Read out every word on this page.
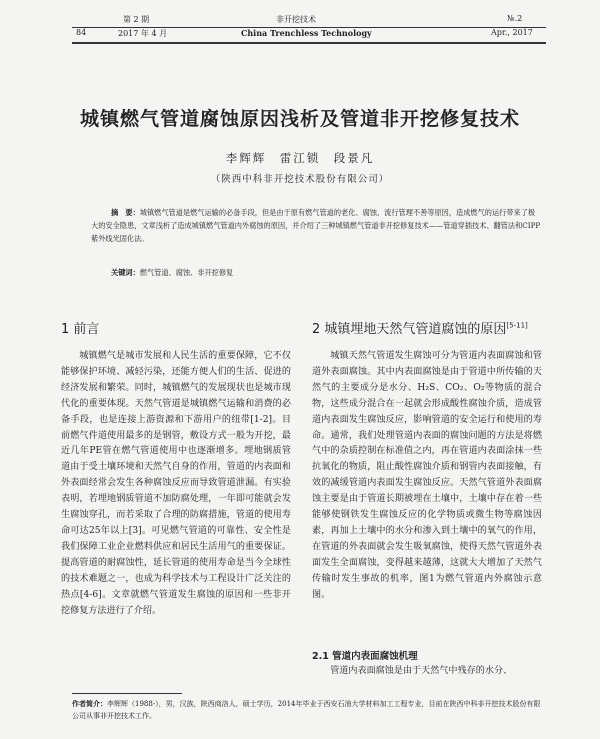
第 2 期	非开挖技术	№.2
84	2017 年 4 月	China Trenchless Technology	Apr., 2017
城镇燃气管道腐蚀原因浅析及管道非开挖修复技术
李辉辉　雷江锁　段景凡
（陕西中科非开挖技术股份有限公司）
摘　要：城镇燃气管道是燃气运输的必备手段，但是由于原有燃气管道的老化、腐蚀、流行管理不善等原因，造成燃气的运行带来了极大的安全隐患，文章浅析了造成城镇燃气管道内外腐蚀的原因，并介绍了三种城镇燃气管道非开挖修复技术——管道穿插技术、翻管法和CIPP紫外线光固化法。
关键词：燃气管道、腐蚀、非开挖修复
1 前言

城镇燃气是城市发展和人民生活的重要保障，它不仅能够保护环境、减轻污染，还能方便人们的生活、促进的经济发展和繁荣。同时，城镇燃气的发展现状也是城市现代化的重要体现。天然气管道是城镇燃气运输和消费的必备手段，也是连接上游资源和下游用户的纽带[1-2]。目前燃气件道使用最多的是钢管，敷设方式一般为开挖，最近几年PE管在燃气管道使用中也逐渐增多。埋地钢质管道由于受土壤环境和天然气自身的作用，管道的内表面和外表面经常会发生各种腐蚀反应而导致管道泄漏。有实验表明，若埋地钢质管道不加防腐处理，一年即可能就会发生腐蚀穿孔，而若采取了合理的防腐措施，管道的使用寿命可达25年以上[3]。可见燃气管道的可靠性、安全性是我们保障工业企业燃料供应和居民生活用气的重要保证。提高管道的耐腐蚀性，延长管道的使用寿命是当今全球性的技术难题之一，也成为科学技术与工程设计广泛关注的热点[4-6]。文章就燃气管道发生腐蚀的原因和一些非开挖修复方法进行了介绍。

2 城镇埋地天然气管道腐蚀的原因[5-11]

城镇天然气管道发生腐蚀可分为管道内表面腐蚀和管道外表面腐蚀。其中内表面腐蚀是由于管道中所传输的天然气的主要成分是水分、H₂S、CO₂、O₂等物质的混合物，这些成分混合在一起就会形成酸性腐蚀介质，造成管道内表面发生腐蚀反应，影响管道的安全运行和使用的寿命。通常，我们处理管道内表面的腐蚀问题的方法是将燃气中的杂质控制在标准值之内，再在管道内表面涂抹一些抗氧化的物质，阻止酸性腐蚀介质和钢管内表面接触，有效的减缓管道内表面发生腐蚀反应。天然气管道外表面腐蚀主要是由于管道长期被埋在土壤中，土壤中存在着一些能够使钢铁发生腐蚀反应的化学物质或微生物等腐蚀因素，再加上土壤中的水分和渗入到土壤中的氧气的作用，在管道的外表面就会发生吸氧腐蚀，使得天然气管道外表面发生全面腐蚀，变得越来越薄，这就大大增加了天然气传输时发生事故的机率，图1为燃气管道内外腐蚀示意图。

2.1 管道内表面腐蚀机理

管道内表面腐蚀是由于天然气中残存的水分、

作者简介：李辉辉（1988-），男，汉族，陕西商洛人，硕士学历，2014年毕业于西安石油大学材料加工工程专业，目前在陕西中科非开挖技术股份有限公司从事非开挖技术工作。
